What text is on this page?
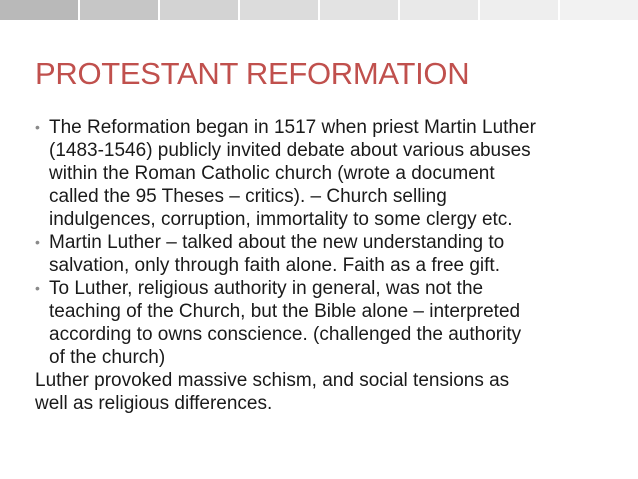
PROTESTANT REFORMATION
• The Reformation began in 1517 when priest Martin Luther
(1483-1546) publicly invited debate about various abuses
within the Roman Catholic church (wrote a document
called the 95 Theses – critics). – Church selling
indulgences, corruption, immortality to some clergy etc.
• Martin Luther – talked about the new understanding to
salvation, only through faith alone. Faith as a free gift.
• To Luther, religious authority in general, was not the
teaching of the Church, but the Bible alone – interpreted
according to owns conscience. (challenged the authority
of the church)
Luther provoked massive schism, and social tensions as
well as religious differences.
